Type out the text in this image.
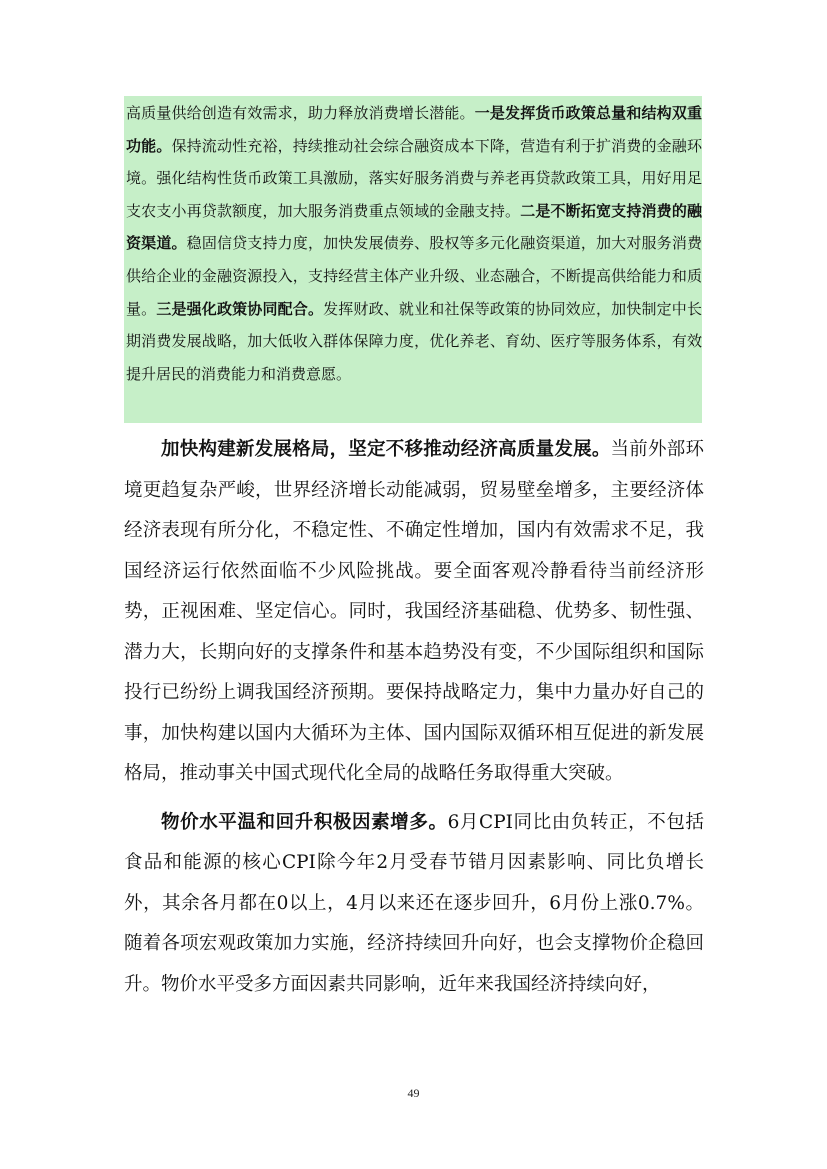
高质量供给创造有效需求，助力释放消费增长潜能。一是发挥货币政策总量和结构双重功能。保持流动性充裕，持续推动社会综合融资成本下降，营造有利于扩消费的金融环境。强化结构性货币政策工具激励，落实好服务消费与养老再贷款政策工具，用好用足支农支小再贷款额度，加大服务消费重点领域的金融支持。二是不断拓宽支持消费的融资渠道。稳固信贷支持力度，加快发展债券、股权等多元化融资渠道，加大对服务消费供给企业的金融资源投入，支持经营主体产业升级、业态融合，不断提高供给能力和质量。三是强化政策协同配合。发挥财政、就业和社保等政策的协同效应，加快制定中长期消费发展战略，加大低收入群体保障力度，优化养老、育幼、医疗等服务体系，有效提升居民的消费能力和消费意愿。

加快构建新发展格局，坚定不移推动经济高质量发展。当前外部环境更趋复杂严峻，世界经济增长动能减弱，贸易壁垒增多，主要经济体经济表现有所分化，不稳定性、不确定性增加，国内有效需求不足，我国经济运行依然面临不少风险挑战。要全面客观冷静看待当前经济形势，正视困难、坚定信心。同时，我国经济基础稳、优势多、韧性强、潜力大，长期向好的支撑条件和基本趋势没有变，不少国际组织和国际投行已纷纷上调我国经济预期。要保持战略定力，集中力量办好自己的事，加快构建以国内大循环为主体、国内国际双循环相互促进的新发展格局，推动事关中国式现代化全局的战略任务取得重大突破。

物价水平温和回升积极因素增多。6月CPI同比由负转正，不包括食品和能源的核心CPI除今年2月受春节错月因素影响、同比负增长外，其余各月都在0以上，4月以来还在逐步回升，6月份上涨0.7%。随着各项宏观政策加力实施，经济持续回升向好，也会支撑物价企稳回升。物价水平受多方面因素共同影响，近年来我国经济持续向好，

49
